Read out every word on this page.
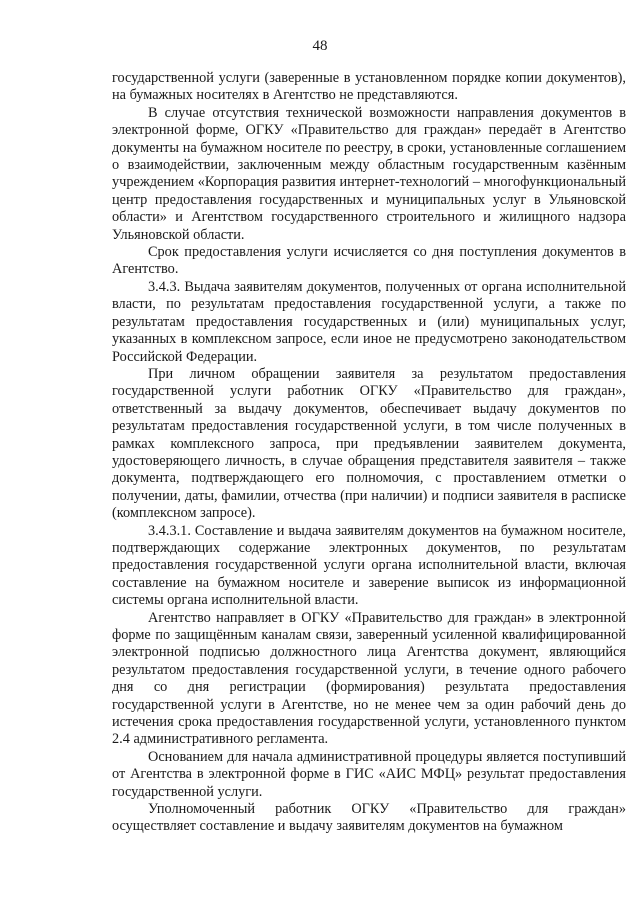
48

государственной услуги (заверенные в установленном порядке копии документов), на бумажных носителях в Агентство не представляются.

В случае отсутствия технической возможности направления документов в электронной форме, ОГКУ «Правительство для граждан» передаёт в Агентство документы на бумажном носителе по реестру, в сроки, установленные соглашением о взаимодействии, заключенным между областным государственным казённым учреждением «Корпорация развития интернет-технологий – многофункциональный центр предоставления государственных и муниципальных услуг в Ульяновской области» и Агентством государственного строительного и жилищного надзора Ульяновской области.

Срок предоставления услуги исчисляется со дня поступления документов в Агентство.

3.4.3. Выдача заявителям документов, полученных от органа исполнительной власти, по результатам предоставления государственной услуги, а также по результатам предоставления государственных и (или) муниципальных услуг, указанных в комплексном запросе, если иное не предусмотрено законодательством Российской Федерации.

При личном обращении заявителя за результатом предоставления государственной услуги работник ОГКУ «Правительство для граждан», ответственный за выдачу документов, обеспечивает выдачу документов по результатам предоставления государственной услуги, в том числе полученных в рамках комплексного запроса, при предъявлении заявителем документа, удостоверяющего личность, в случае обращения представителя заявителя – также документа, подтверждающего его полномочия, с проставлением отметки о получении, даты, фамилии, отчества (при наличии) и подписи заявителя в расписке (комплексном запросе).

3.4.3.1. Составление и выдача заявителям документов на бумажном носителе, подтверждающих содержание электронных документов, по результатам предоставления государственной услуги органа исполнительной власти, включая составление на бумажном носителе и заверение выписок из информационной системы органа исполнительной власти.

Агентство направляет в ОГКУ «Правительство для граждан» в электронной форме по защищённым каналам связи, заверенный усиленной квалифицированной электронной подписью должностного лица Агентства документ, являющийся результатом предоставления государственной услуги, в течение одного рабочего дня со дня регистрации (формирования) результата предоставления государственной услуги в Агентстве, но не менее чем за один рабочий день до истечения срока предоставления государственной услуги, установленного пунктом 2.4 административного регламента.

Основанием для начала административной процедуры является поступивший от Агентства в электронной форме в ГИС «АИС МФЦ» результат предоставления государственной услуги.

Уполномоченный работник ОГКУ «Правительство для граждан» осуществляет составление и выдачу заявителям документов на бумажном
